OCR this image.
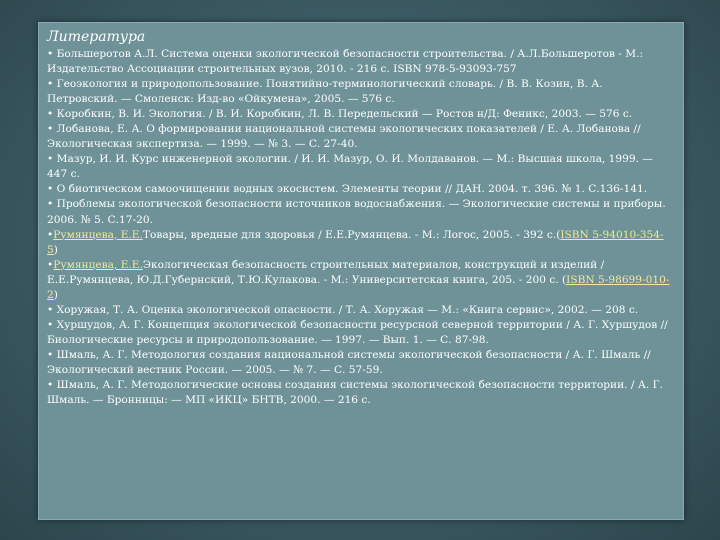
Литература

• Большеротов А.Л. Система оценки экологической безопасности строительства. / А.Л.Большеротов - М.: Издательство Ассоциации строительных вузов, 2010. - 216 с. ISBN 978-5-93093-757

• Геоэкология и природопользование. Понятийно-терминологический словарь. / В. В. Козин, В. А. Петровский. — Смоленск: Изд-во «Ойкумена», 2005. — 576 с.

• Коробкин, В. И. Экология. / В. И. Коробкин, Л. В. Передельский — Ростов н/Д: Феникс, 2003. — 576 с.

• Лобанова, Е. А. О формировании национальной системы экологических показателей / Е. А. Лобанова // Экологическая экспертиза. — 1999. — № 3. — С. 27-40.

• Мазур, И. И. Курс инженерной экологии. / И. И. Мазур, О. И. Молдаванов. — М.: Высшая школа, 1999. — 447 с.

• О биотическом самоочищении водных экосистем. Элементы теории // ДАН. 2004. т. 396. № 1. С.136-141.

• Проблемы экологической безопасности источников водоснабжения. — Экологические системы и приборы. 2006. № 5. С.17-20.

•Румянцева, Е.Е.Товары, вредные для здоровья / Е.Е.Румянцева. - М.: Логос, 2005. - 392 с.(ISBN 5-94010-354-5)

•Румянцева, Е.Е.Экологическая безопасность строительных материалов, конструкций и изделий /Е.Е.Румянцева, Ю.Д.Губернский, Т.Ю.Кулакова. - М.: Университетская книга, 205. - 200 с. (ISBN 5-98699-010-2)

• Хоружая, Т. А. Оценка экологической опасности. / Т. А. Хоружая — М.: «Книга сервис», 2002. — 208 с.

• Хуршудов, А. Г. Концепция экологической безопасности ресурсной северной территории / А. Г. Хуршудов // Биологические ресурсы и природопользование. — 1997. — Вып. 1. — С. 87-98.

• Шмаль, А. Г. Методология создания национальной системы экологической безопасности / А. Г. Шмаль // Экологический вестник России. — 2005. — № 7. — С. 57-59.

• Шмаль, А. Г. Методологические основы создания системы экологической безопасности территории. / А. Г. Шмаль. — Бронницы: — МП «ИКЦ» БНТВ, 2000. — 216 с.
